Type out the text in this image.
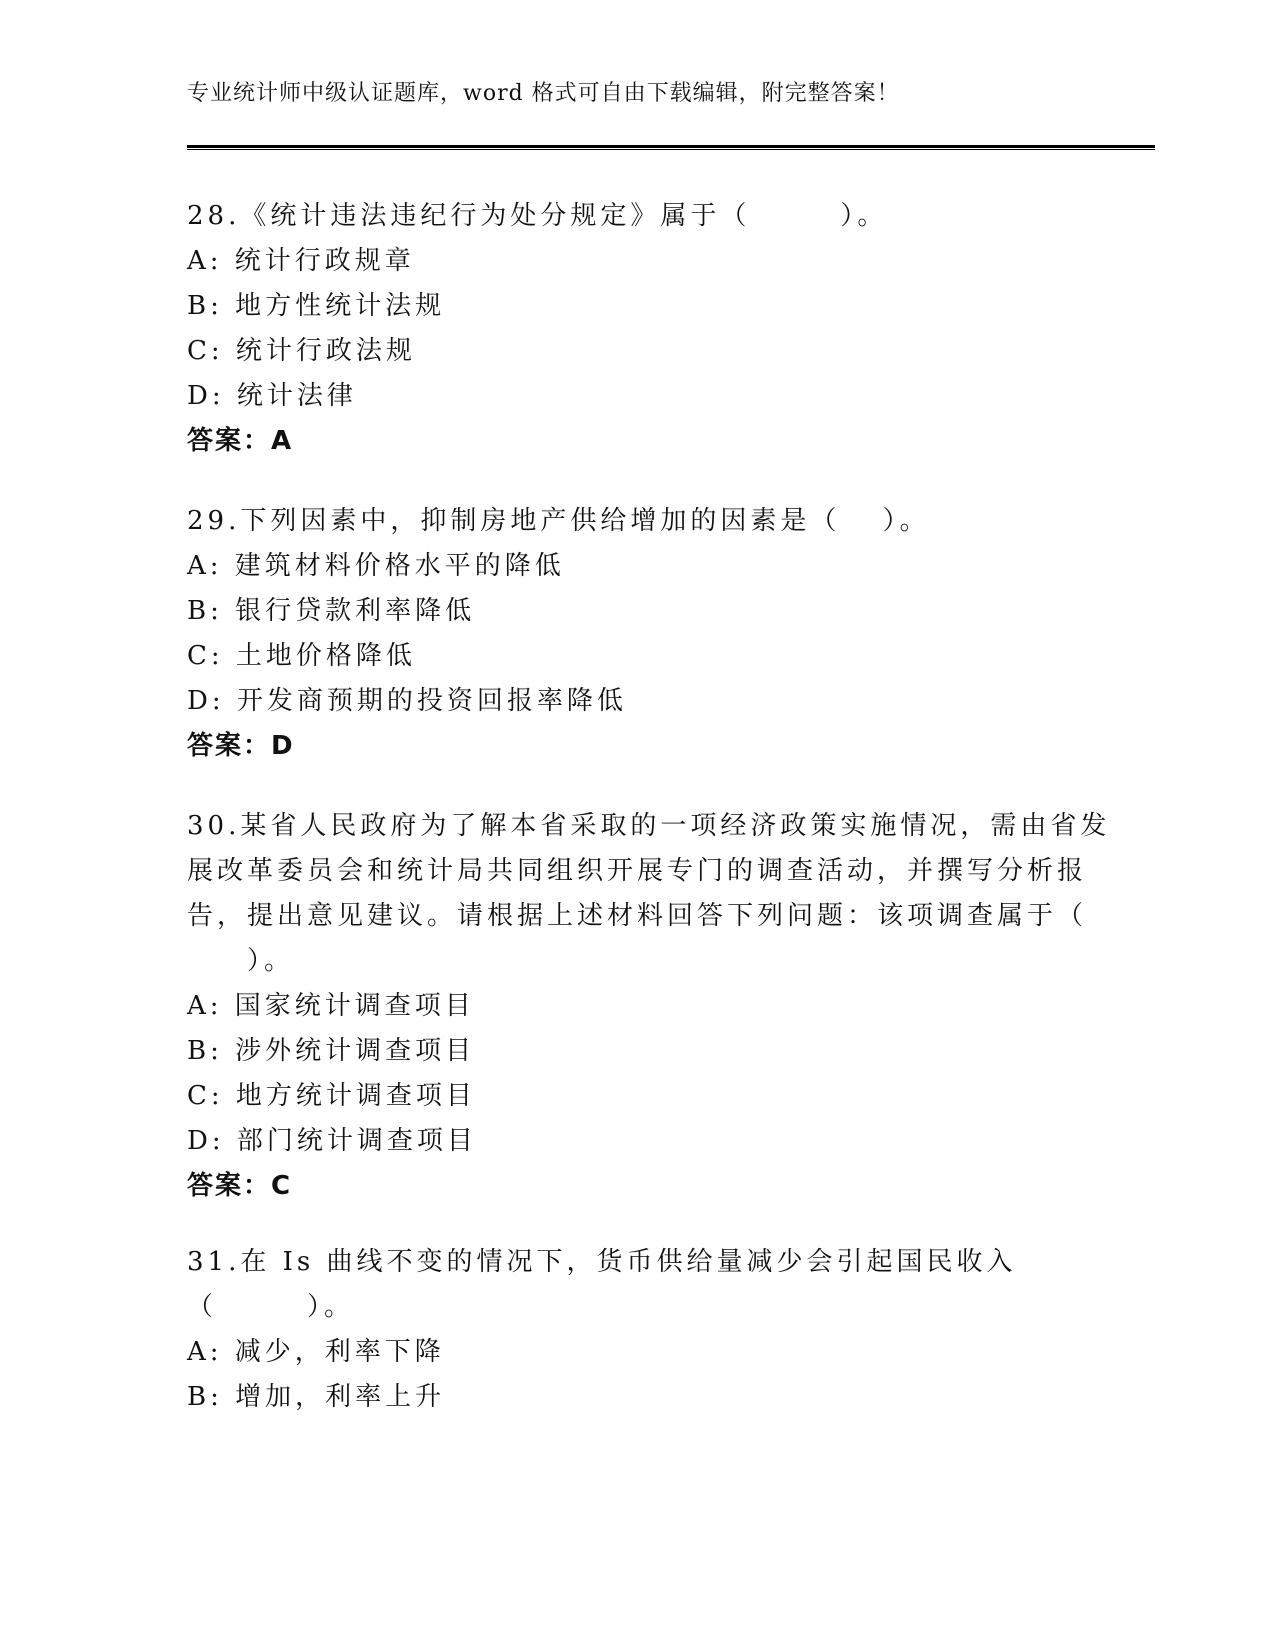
专业统计师中级认证题库，word 格式可自由下载编辑，附完整答案！
28.《统计违法违纪行为处分规定》属于（　　　）。
A: 统计行政规章
B: 地方性统计法规
C: 统计行政法规
D: 统计法律
答案：A
29.下列因素中，抑制房地产供给增加的因素是（　 ）。
A: 建筑材料价格水平的降低
B: 银行贷款利率降低
C: 土地价格降低
D: 开发商预期的投资回报率降低
答案：D
30.某省人民政府为了解本省采取的一项经济政策实施情况，需由省发
展改革委员会和统计局共同组织开展专门的调查活动，并撰写分析报
告，提出意见建议。请根据上述材料回答下列问题：该项调查属于（
　　）。
A: 国家统计调查项目
B: 涉外统计调查项目
C: 地方统计调查项目
D: 部门统计调查项目
答案：C
31.在 Is 曲线不变的情况下，货币供给量减少会引起国民收入
（　　　）。
A: 减少，利率下降
B: 增加，利率上升
